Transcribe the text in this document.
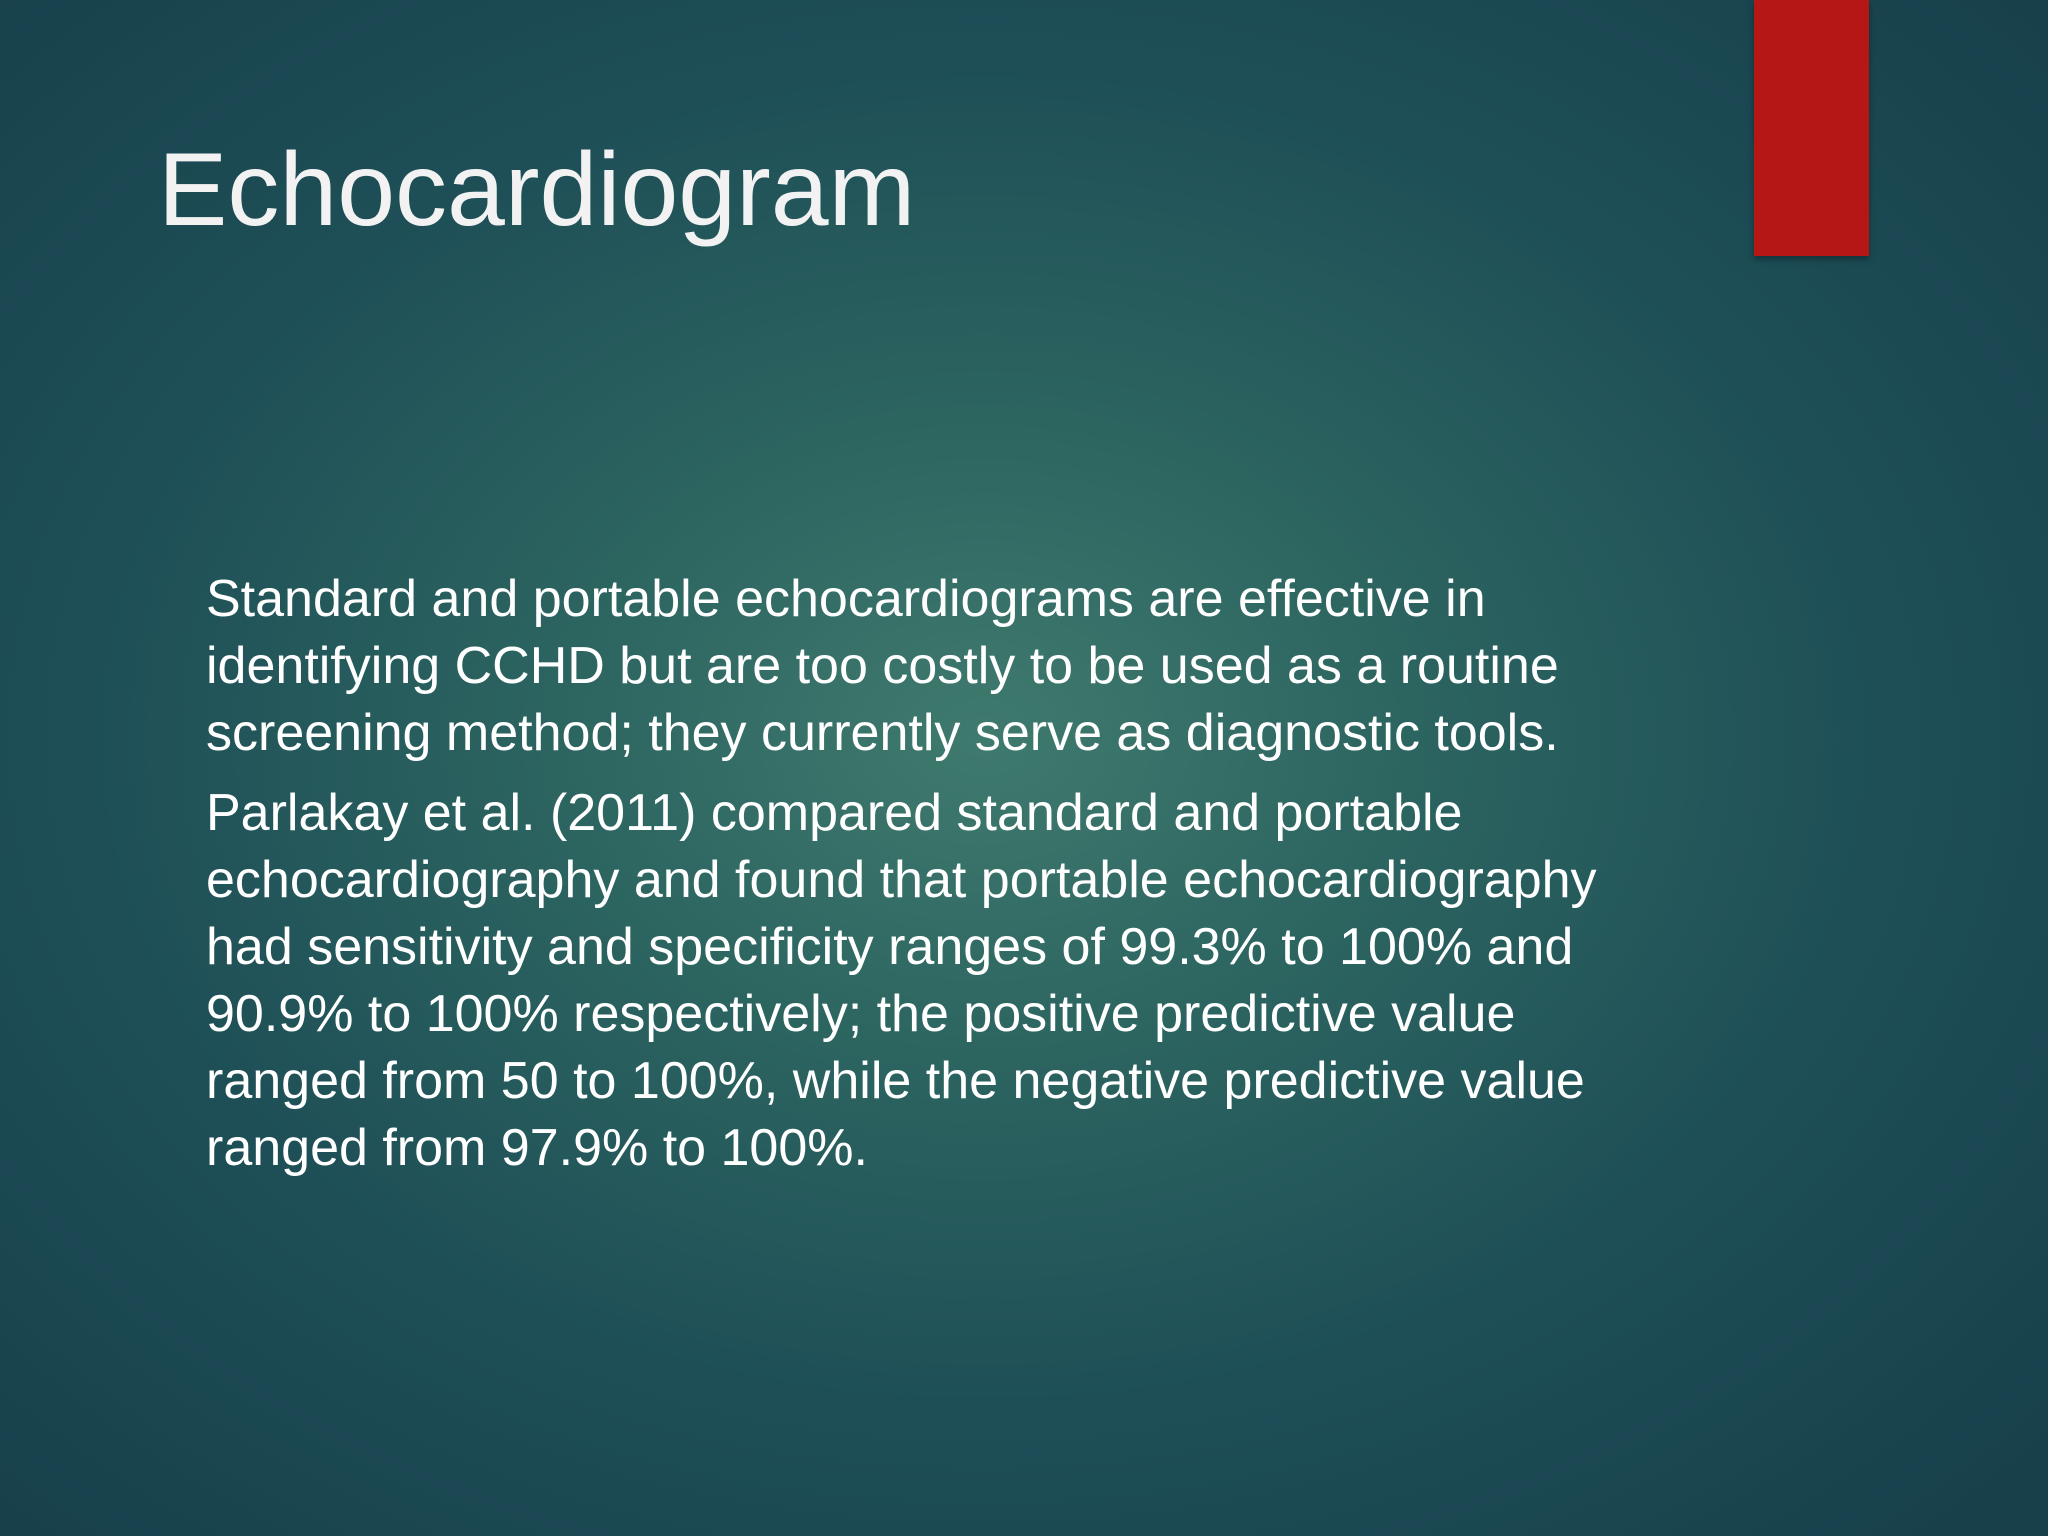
Echocardiogram

Standard and portable echocardiograms are effective in identifying CCHD but are too costly to be used as a routine screening method; they currently serve as diagnostic tools.

Parlakay et al. (2011) compared standard and portable echocardiography and found that portable echocardiography had sensitivity and specificity ranges of 99.3% to 100% and 90.9% to 100% respectively; the positive predictive value ranged from 50 to 100%, while the negative predictive value ranged from 97.9% to 100%.
